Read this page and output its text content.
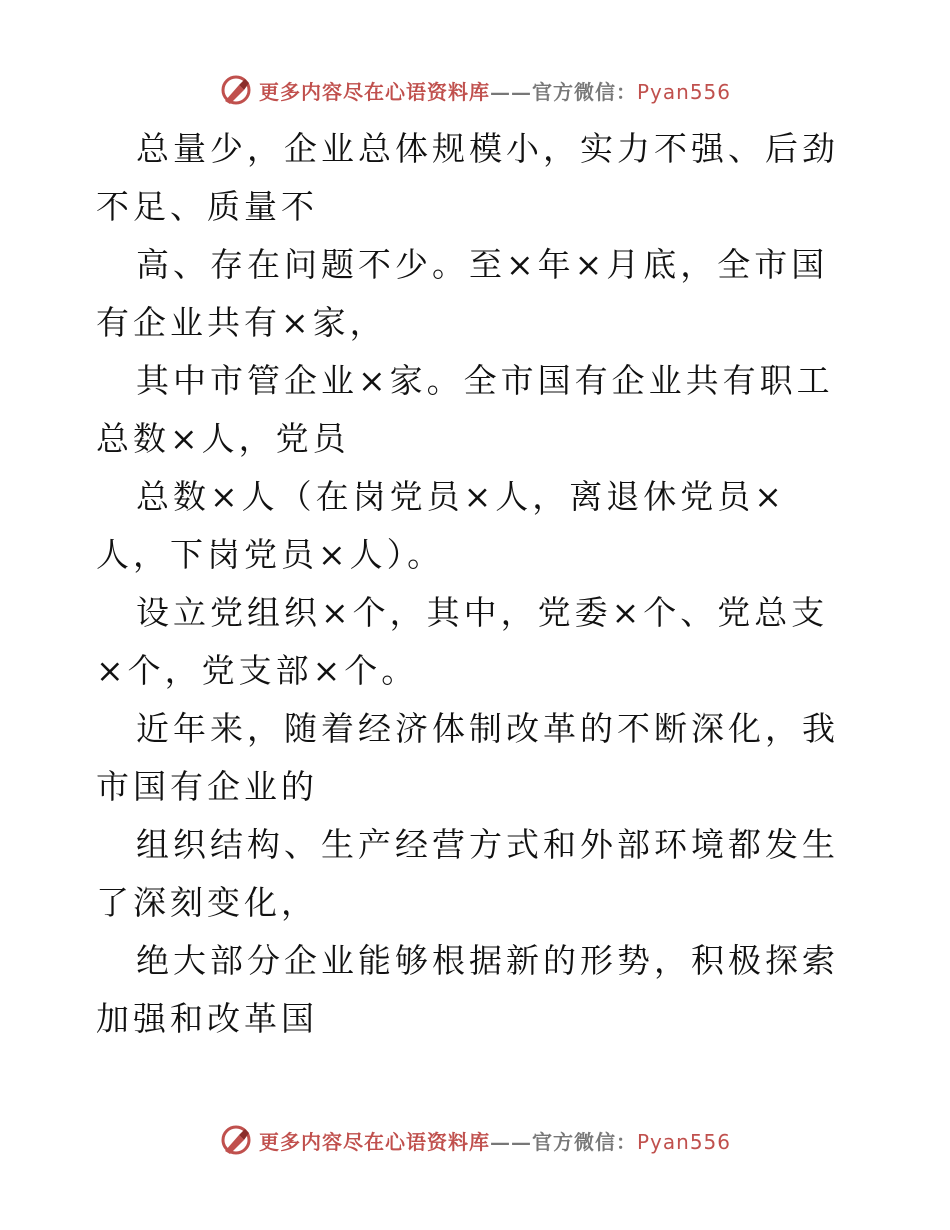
更多内容尽在心语资料库——官方微信：Pyan556

总量少，企业总体规模小，实力不强、后劲不足、质量不

高、存在问题不少。至×年×月底，全市国有企业共有×家，

其中市管企业×家。全市国有企业共有职工总数×人，党员

总数×人（在岗党员×人，离退休党员×人，下岗党员×人）。

设立党组织×个，其中，党委×个、党总支×个，党支部×个。

近年来，随着经济体制改革的不断深化，我市国有企业的

组织结构、生产经营方式和外部环境都发生了深刻变化，

绝大部分企业能够根据新的形势，积极探索加强和改革国

更多内容尽在心语资料库——官方微信：Pyan556
